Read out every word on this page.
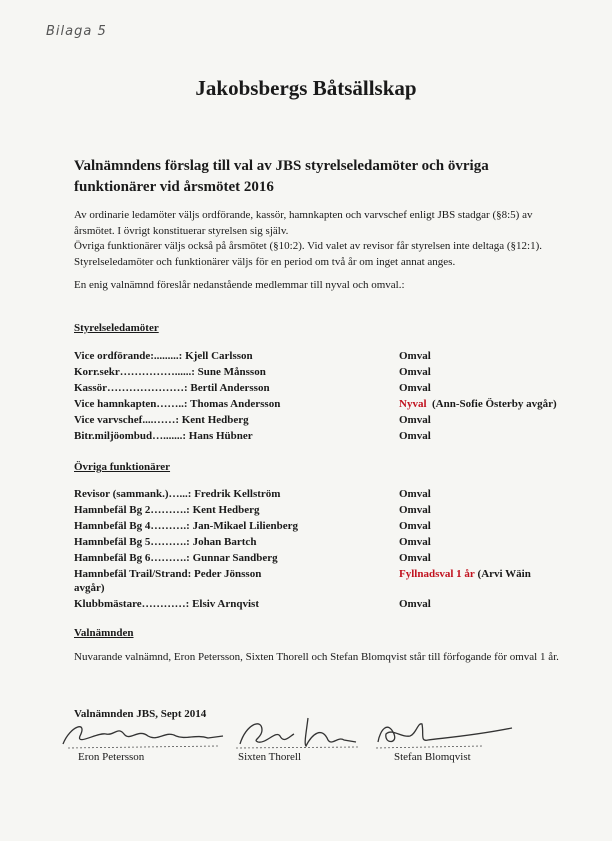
Bilaga 5
Jakobsbergs Båtsällskap
Valnämndens förslag till val av JBS styrelseledamöter och övriga funktionärer vid årsmötet 2016

Av ordinarie ledamöter väljs ordförande, kassör, hamnkapten och varvschef enligt JBS stadgar (§8:5) av årsmötet. I övrigt konstituerar styrelsen sig själv.

Övriga funktionärer väljs också på årsmötet (§10:2). Vid valet av revisor får styrelsen inte deltaga (§12:1).

Styrelseledamöter och funktionärer väljs för en period om två år om inget annat anges.

En enig valnämnd föreslår nedanstående medlemmar till nyval och omval.:

Styrelseledamöter
Vice ordförande:.........: Kjell Carlsson	Omval
Korr.sekr……………......: Sune Månsson	Omval
Kassör…………………: Bertil Andersson	Omval
Vice hamnkapten……..: Thomas Andersson	Nyval (Ann-Sofie Österby avgår)
Vice varvschef....……: Kent Hedberg	Omval
Bitr.miljöombud….......: Hans Hübner	Omval
Övriga funktionärer
Revisor (sammank.)…...: Fredrik Kellström	Omval
Hamnbefäl Bg 2……….: Kent Hedberg	Omval
Hamnbefäl Bg 4……….: Jan-Mikael Lilienberg	Omval
Hamnbefäl Bg 5……….: Johan Bartch	Omval
Hamnbefäl Bg 6……….: Gunnar Sandberg	Omval
Hamnbefäl Trail/Strand: Peder Jönsson	Fyllnadsval 1 år (Arvi Wäin
avgår)
Klubbmästare…………: Elsiv Arnqvist	Omval
Valnämnden
Nuvarande valnämnd, Eron Petersson, Sixten Thorell och Stefan Blomqvist står till förfogande för omval 1 år.
Valnämnden JBS, Sept 2014
Eron Petersson	Sixten Thorell	Stefan Blomqvist
